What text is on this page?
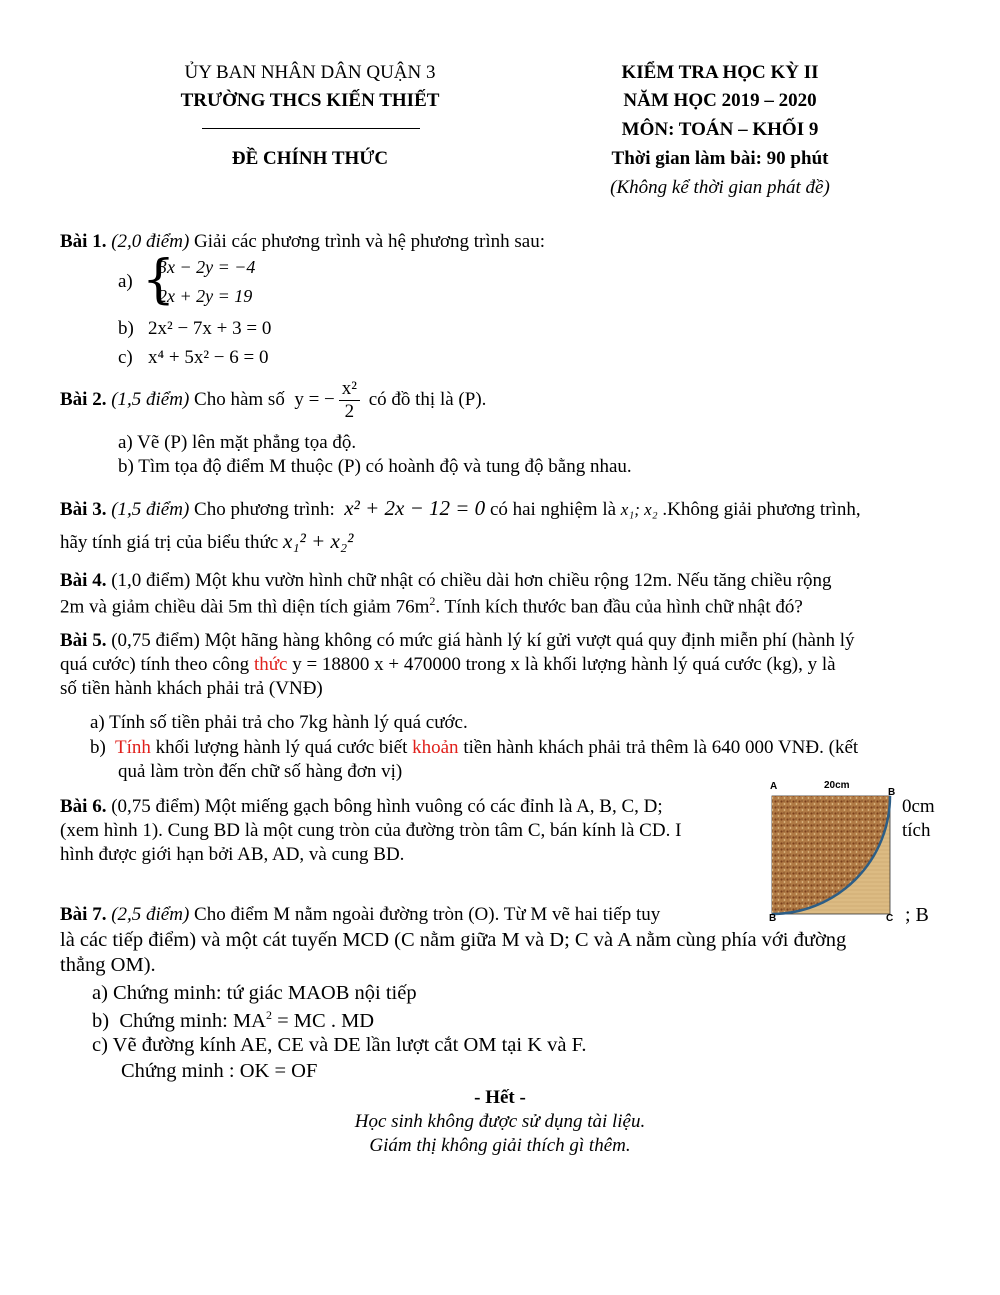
ỦY BAN NHÂN DÂN QUẬN 3
TRƯỜNG THCS KIẾN THIẾT
ĐỀ CHÍNH THỨC
KIỂM TRA HỌC KỲ II
NĂM HỌC 2019 – 2020
MÔN: TOÁN – KHỐI 9
Thời gian làm bài: 90 phút
(Không kể thời gian phát đề)
Bài 1. (2,0 điểm) Giải các phương trình và hệ phương trình sau:
a) {
3x − 2y = −4
2x + 2y = 19
b) 2x² − 7x + 3 = 0
c) x⁴ + 5x² − 6 = 0
Bài 2.
(1,5 điểm) Cho hàm số  y = − $\frac{\text{x²}}{2}$ có đồ thị là (P).
a) Vẽ (P) lên mặt phẳng tọa độ.
b) Tìm tọa độ điểm M thuộc (P) có hoành độ và tung độ bằng nhau.
Bài 3. (1,5 điểm) Cho phương trình:  x² + 2x − 12 = 0 có hai nghiệm là x₁; x₂ .Không giải phương trình,
hãy tính giá trị của biểu thức x₁² + x₂²
Bài 4. (1,0 điểm) Một khu vườn hình chữ nhật có chiều dài hơn chiều rộng 12m. Nếu tăng chiều rộng
2m và giảm chiều dài 5m thì diện tích giảm $76m^2$. Tính kích thước ban đầu của hình chữ nhật đó?
Bài 5. (0,75 điểm) Một hãng hàng không có mức giá hành lý kí gửi vượt quá quy định miễn phí (hành lý
quá cước) tính theo công thức y = 18800 x + 470000 trong x là khối lượng hành lý quá cước (kg), y là
số tiền hành khách phải trả (VNĐ)
a) Tính số tiền phải trả cho 7kg hành lý quá cước.
b)  Tính khối lượng hành lý quá cước biết khoản tiền hành khách phải trả thêm là 640 000 VNĐ. (kết
quả làm tròn đến chữ số hàng đơn vị)
Bài 6. (0,75 điểm) Một miếng gạch bông hình vuông có các đỉnh là A, B, C, D;	0cm
(xem hình 1). Cung BD là một cung tròn của đường tròn tâm C, bán kính là CD. I	tích
hình được giới hạn bởi AB, AD, và cung BD.
A	20cm
B
B	C
Bài 7. (2,5 điểm) Cho điểm M nằm ngoài đường tròn (O). Từ M vẽ hai tiếp tuy	; B
là các tiếp điểm) và một cát tuyến MCD (C nằm giữa M và D; C và A nằm cùng phía với đường
thẳng OM).
a) Chứng minh: tứ giác MAOB nội tiếp
b)  Chứng minh: $MA^2$ = MC . MD
c) Vẽ đường kính AE, CE và DE lần lượt cắt OM tại K và F.
Chứng minh : OK = OF
- Hết -
Học sinh không được sử dụng tài liệu.
Giám thị không giải thích gì thêm.
